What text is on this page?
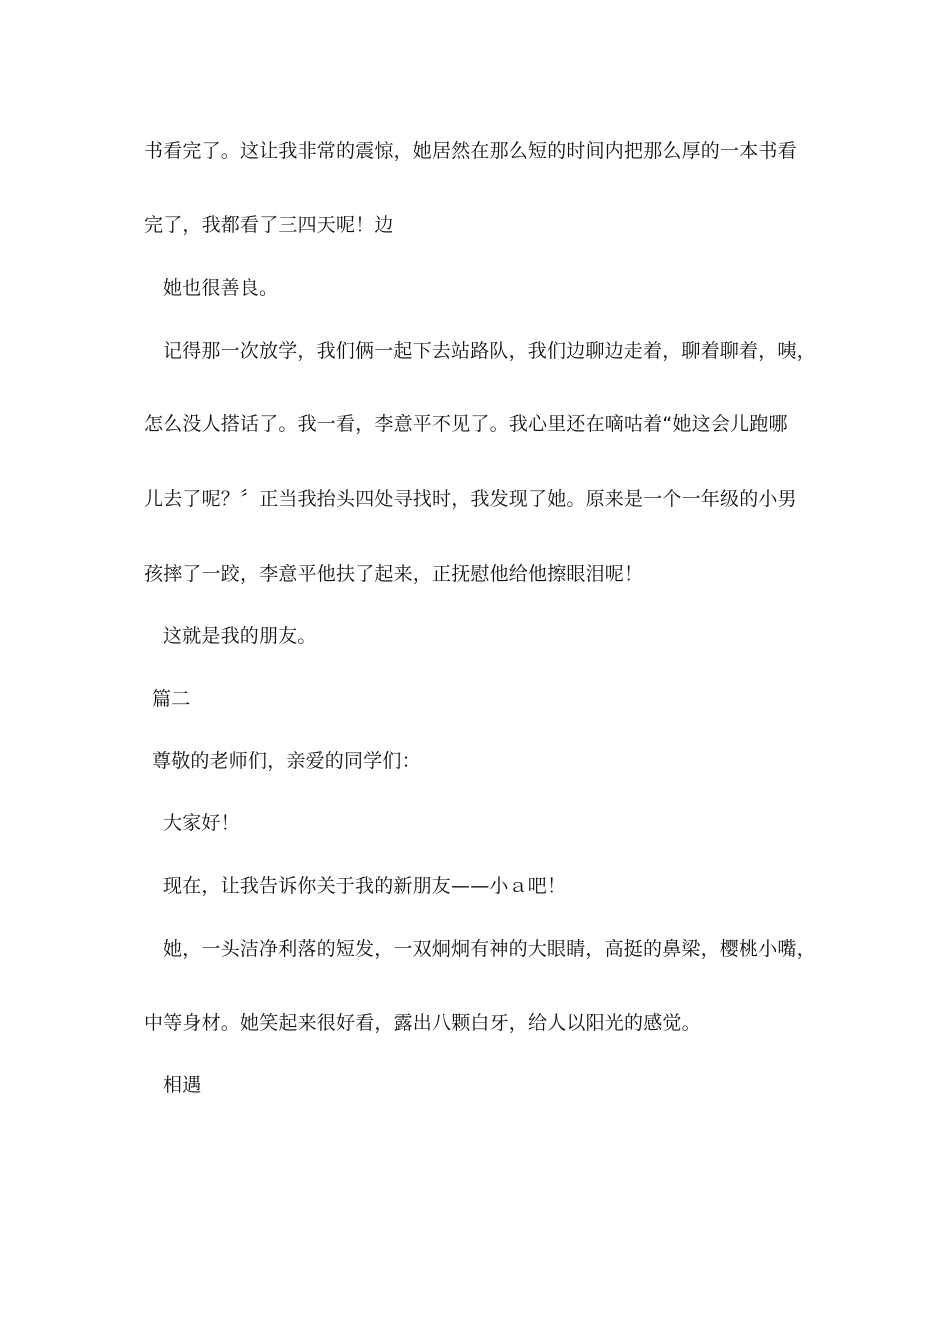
书看完了。这让我非常的震惊，她居然在那么短的时间内把那么厚的一本书看
完了，我都看了三四天呢！边
她也很善良。
记得那一次放学，我们俩一起下去站路队，我们边聊边走着，聊着聊着，咦，
怎么没人搭话了。我一看，李意平不见了。我心里还在嘀咕着“她这会儿跑哪
儿去了呢？〞正当我抬头四处寻找时，我发现了她。原来是一个一年级的小男
孩摔了一跤，李意平他扶了起来，正抚慰他给他擦眼泪呢！
这就是我的朋友。
篇二
尊敬的老师们，亲爱的同学们：
大家好！
现在，让我告诉你关于我的新朋友——小ａ吧！
她，一头洁净利落的短发，一双炯炯有神的大眼睛，高挺的鼻梁，樱桃小嘴，
中等身材。她笑起来很好看，露出八颗白牙，给人以阳光的感觉。
相遇
